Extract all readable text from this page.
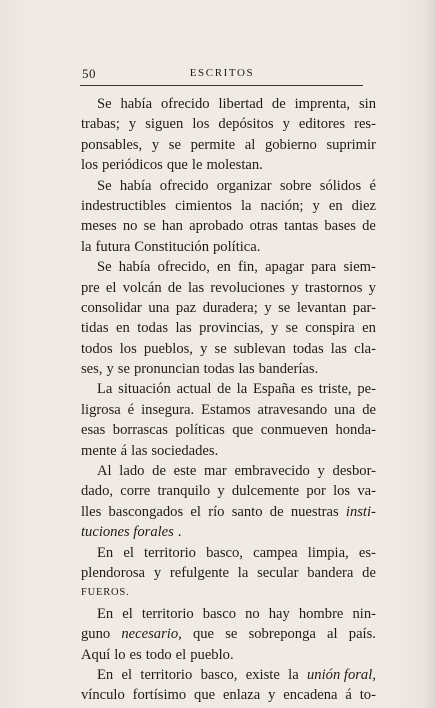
50	ESCRITOS
Se había ofrecido libertad de imprenta, sin
trabas; y siguen los depósitos y editores res-
ponsables, y se permite al gobierno suprimir
los periódicos que le molestan.
Se había ofrecido organizar sobre sólidos é
indestructibles cimientos la nación; y en diez
meses no se han aprobado otras tantas bases de
la futura Constitución política.
Se había ofrecido, en fin, apagar para siem-
pre el volcán de las revoluciones y trastornos y
consolidar una paz duradera; y se levantan par-
tidas en todas las provincias, y se conspira en
todos los pueblos, y se sublevan todas las cla-
ses, y se pronuncian todas las banderías.
La situación actual de la España es triste, pe-
ligrosa é insegura. Estamos atravesando una de
esas borrascas políticas que conmueven honda-
mente á las sociedades.
Al lado de este mar embravecido y desbor-
dado, corre tranquilo y dulcemente por los va-
lles bascongados el río santo de nuestras insti-
tuciones forales .
En el territorio basco, campea limpia, es-
plendorosa y refulgente la secular bandera de
FUEROS.
En el territorio basco no hay hombre nin-
guno necesario, que se sobreponga al país.
Aquí lo es todo el pueblo.
En el territorio basco, existe la unión foral,
vínculo fortísimo que enlaza y encadena á to-
